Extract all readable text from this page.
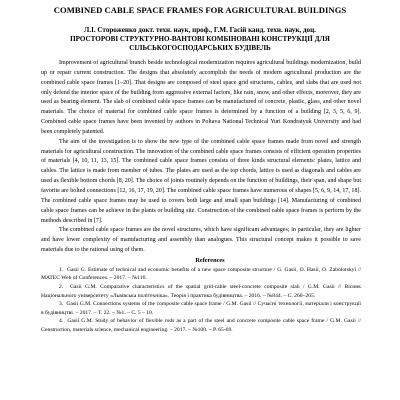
COMBINED CABLE SPACE FRAMES FOR AGRICULTURAL BUILDINGS
Л.І. Стороженко докт. техн. наук, проф., Г.М. Гасій канд. техн. наук, доц.
ПРОСТОРОВІ СТРУКТУРНО-ВАНТОВІ КОМБІНОВАНІ КОНСТРУКЦІЇ ДЛЯ СІЛЬСЬКОГОСПОДАРСЬКИХ БУДІВЕЛЬ

Improvement of agricultural branch beside technological modernization requires agricultural buildings modernization, build up or repair current construction. The designs that absolutely accomplish the needs of modern agricultural production are the combined cable space frames [1–20]. That designs are composed of steel space grid structures, cables, and slabs that are used not only defend the interior space of the building from aggressive external factors, like rain, snow, and other effects, moreover, they are used as bearing element. The slab of combined cable space frames can be manufactured of concrete, plastic, glass, and other novel materials. The choice of material for combined cable space frames is determined by a function of a building [2, 3, 5, 6, 9]. Combined cable space frames have been invented by authors in Poltava National Technical Yuri Kondratyuk University and had been completely patented.

The aim of the investigation is to show the new type of the combined cable space frames made from novel and strength materials for agricultural construction. The innovation of the combined cable space frames consists of efficient operation properties of materials [4, 10, 11, 13, 15]. The combined cable space frames consists of three kinds structural elements: plates, lattice and cables. The lattice is made from member of tubes. The plates are used as the top chords, lattice is used as diagonals and cables are used as flexible bottom chords [8, 20]. The choice of joints routinely depends on the function of buildings, their span, and shape but favorite are bolted connections [12, 16, 17, 19, 20]. The combined cable space frames have numerous of shapes [5, 6, 9, 14, 17, 18]. The combined cable space frames may be used to covers both large and small span buildings [14]. Manufacturing of combined cable space frames can be achieve in the plants or building site. Construction of the combined cable space frames is perform by the methods described in [7].

The combined cable space frames are the novel structures, which have significant advantages; in particular, they are lighter and have lower complexity of manufacturing and assembly than analogues. This structural concept makes it possible to save materials due to the rational using of them.

References

Gasii G. Estimate of technical and economic benefits of a new space composite structure / G. Gasii, O. Hasii, O. Zabolotskyi // MATEC Web of Conferences. – 2017. – №116.
Gasii G.M. Comparative characteristics of the spatial grid-cable steel-concrete composite slab / G.M. Gasii // Вісник Національного університету «Львівська політехніка». Теорія і практика будівництва. – 2016. – №844. – С. 260–265.
Gasii G.M. Connections systems of the composite cable space frame / G.M. Gasii // Сучасні технології, матеріали і конструкції в будівництві. – 2017. – Т. 22. – №1. – С. 5 – 10.
Gasii G.M. Study of behavior of flexible rods as a part of the steel and concrete composite cable space frame / G.M. Gasii // Construction, materials science, mechanical engineering. – 2017. – №100. – Р. 65-69.
